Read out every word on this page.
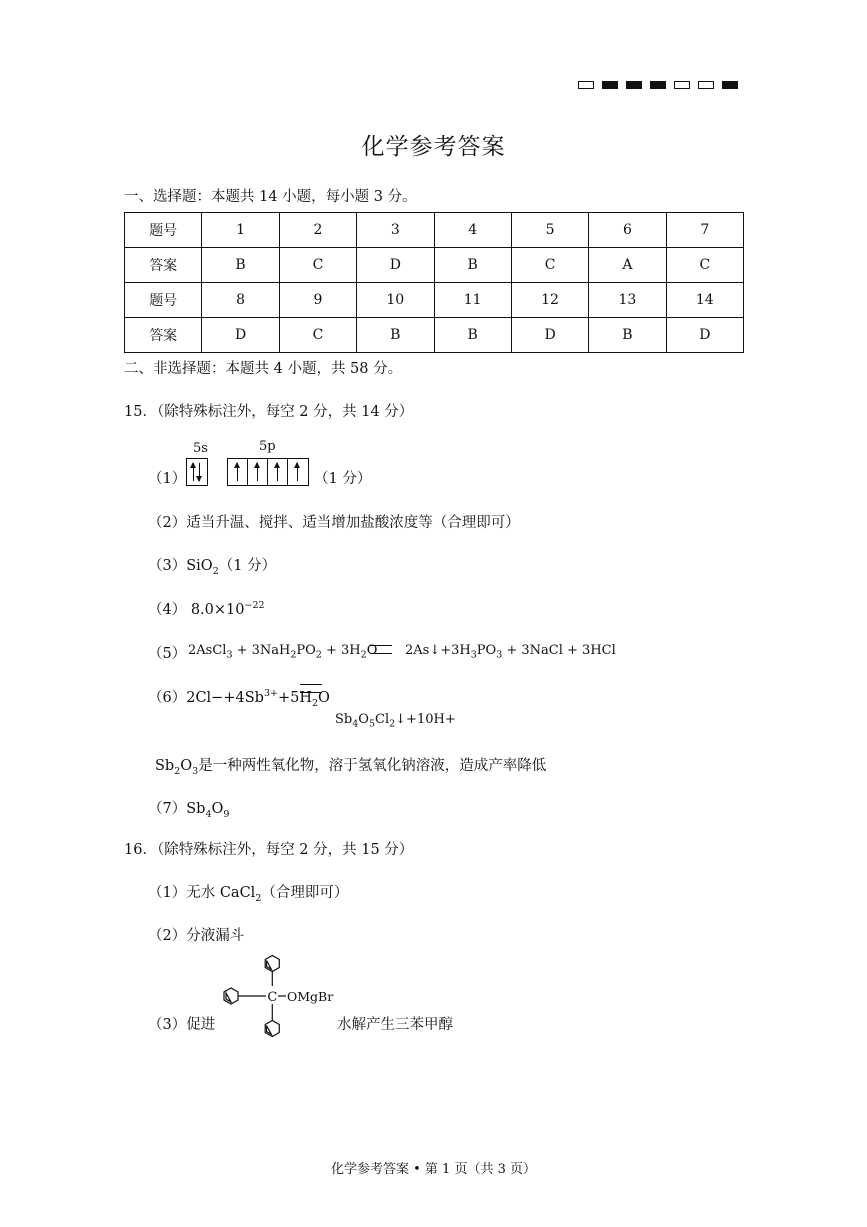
化学参考答案
一、选择题：本题共 14 小题，每小题 3 分。
题号	1	2	3	4	5	6	7
答案	B	C	D	B	C	A	C
题号	8	9	10	11	12	13	14
答案	D	C	B	B	D	B	D
二、非选择题：本题共 4 小题，共 58 分。
15．（除特殊标注外，每空 2 分，共 14 分）
（1）
5s	5p
（1 分）
（2）适当升温、搅拌、适当增加盐酸浓度等（合理即可）
（3）SiO$_2$（1 分）
（4） $8.0\times 10^{-22}$
（5） 2AsCl$_3$ + $3NaH_2PO_2 + 3H_2O$ $2As↓+3H_3PO_3$ + 3NaCl + 3HCl
$(6)2Cl-+4Sb^{3+}+5H_2O$
$Sb_4O_5Cl_2↓+10H+$
$Sb_2O_3$是一种两性氧化物，溶于氢氧化钠溶液，造成产率降低
$(7)Sb_4O_9$
16．（除特殊标注外，每空 2 分，共 15 分）
（1）无水 CaCl$_2$（合理即可）
（2）分液漏斗
（3）促进
C OMgBr
水解产生三苯甲醇
化学参考答案 • 第 1 页（共 3 页）
